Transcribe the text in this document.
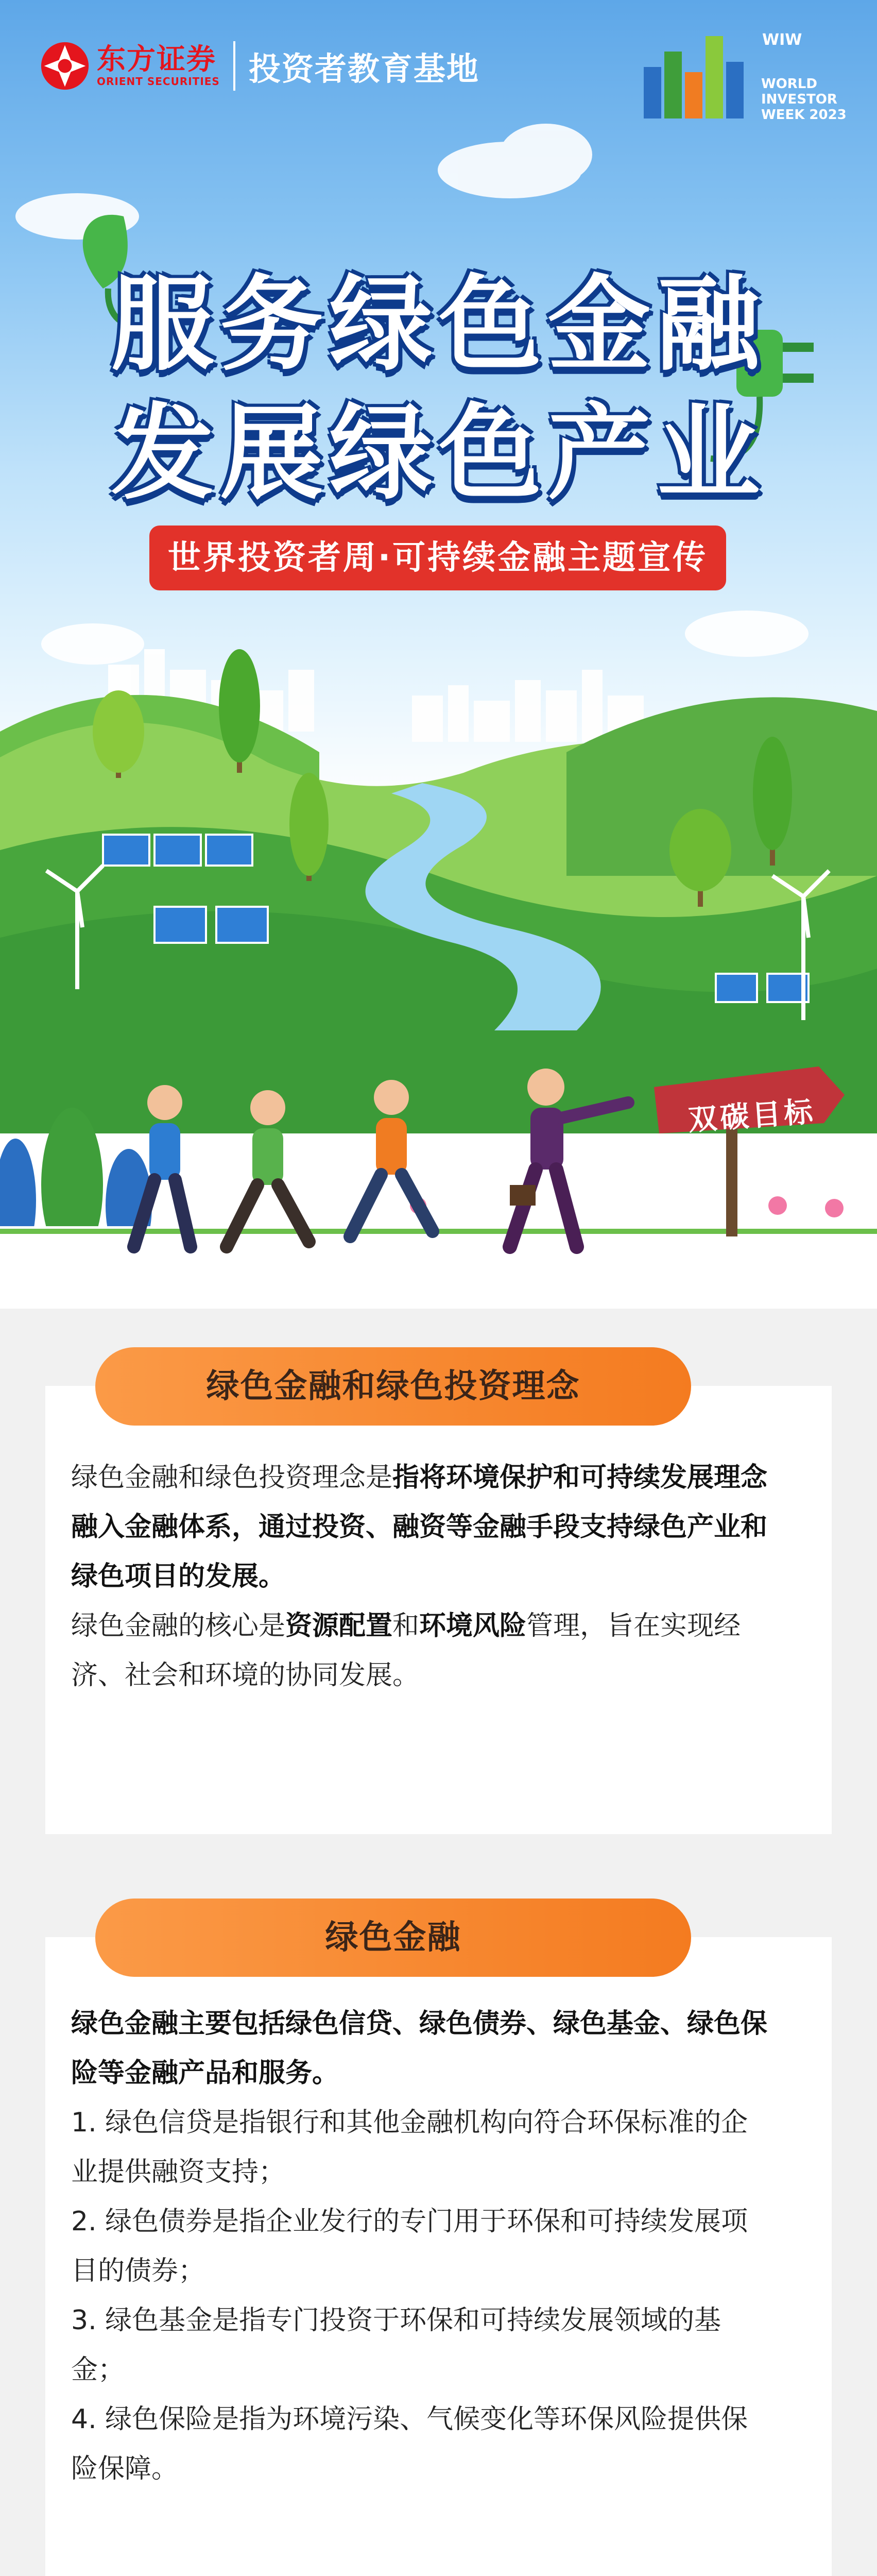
东方证券
ORIENT SECURITIES 投资者教育基地
WIW
WORLD
INVESTOR
WEEK 2023
服务绿色金融
发展绿色产业
世界投资者周·可持续金融主题宣传
双碳目标
绿色金融和绿色投资理念

绿色金融和绿色投资理念是指将环境保护和可持续发展理念融入金融体系，通过投资、融资等金融手段支持绿色产业和绿色项目的发展。

绿色金融的核心是资源配置和环境风险管理，旨在实现经济、社会和环境的协同发展。

绿色金融

绿色金融主要包括绿色信贷、绿色债券、绿色基金、绿色保险等金融产品和服务。

1. 绿色信贷是指银行和其他金融机构向符合环保标准的企业提供融资支持；

2. 绿色债券是指企业发行的专门用于环保和可持续发展项目的债券；

3. 绿色基金是指专门投资于环保和可持续发展领域的基金；

4. 绿色保险是指为环境污染、气候变化等环保风险提供保险保障。
